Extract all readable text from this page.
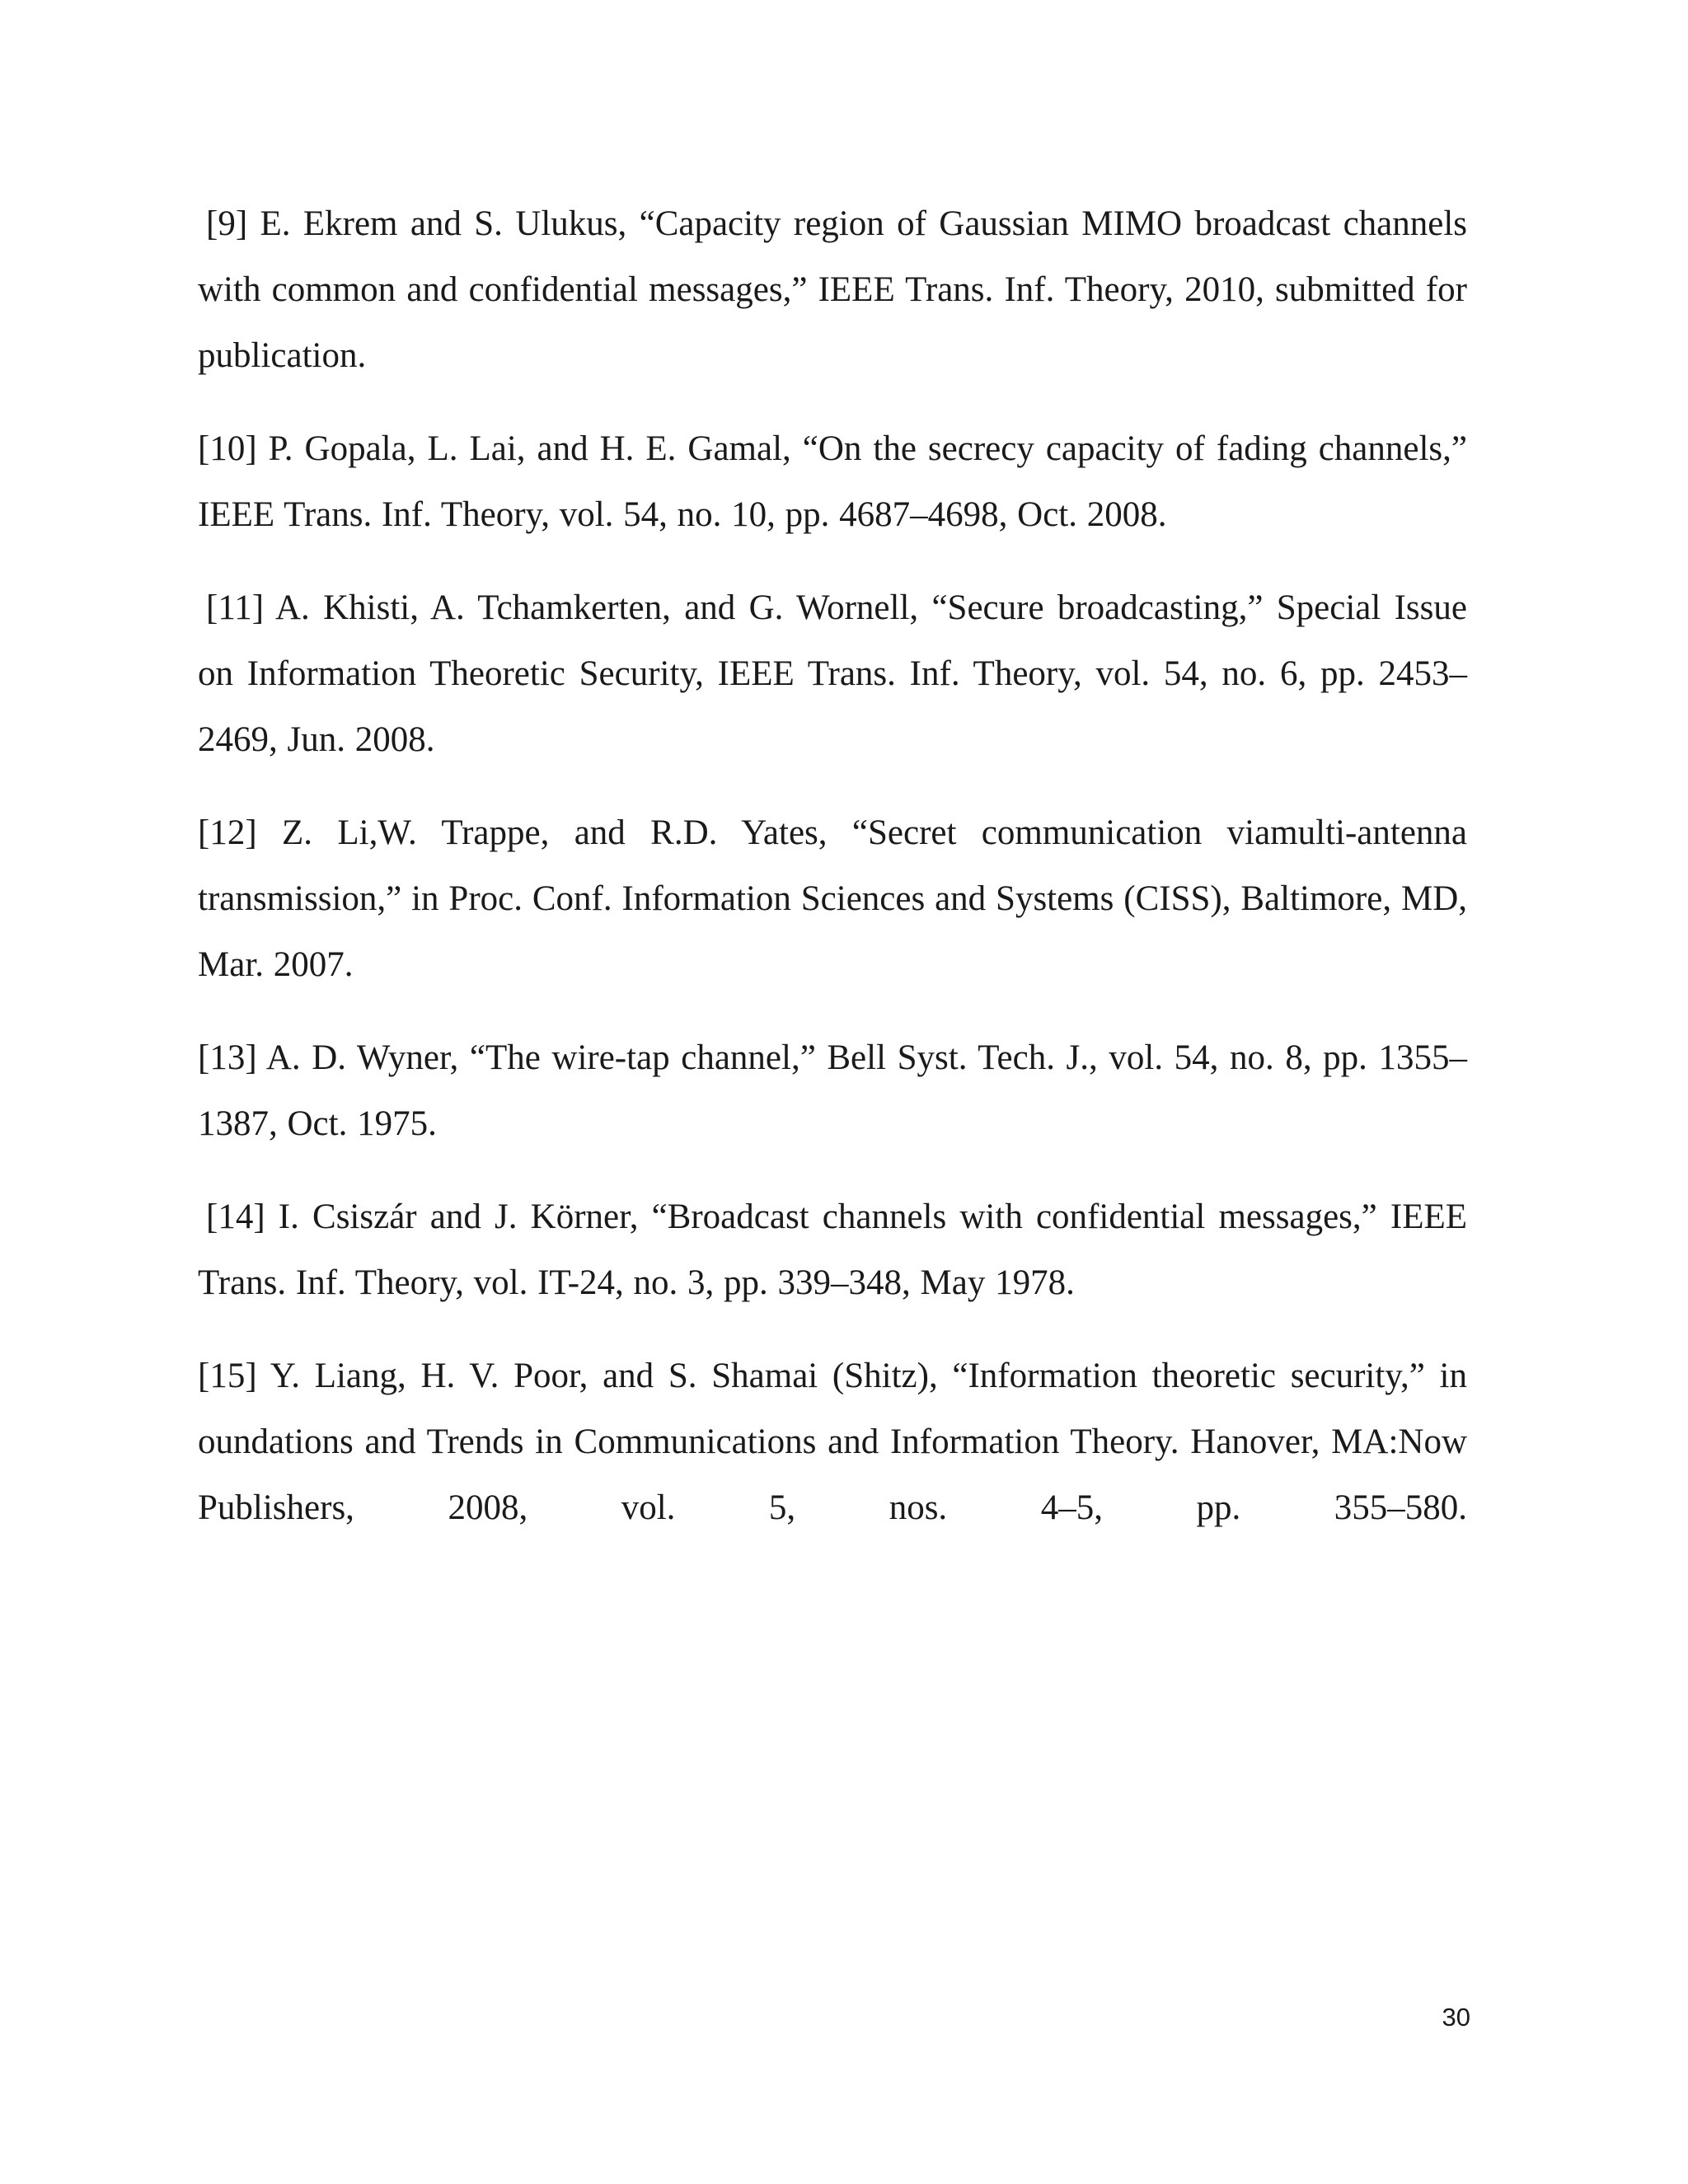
[9] E. Ekrem and S. Ulukus, “Capacity region of Gaussian MIMO broadcast channels with common and confidential messages,” IEEE Trans. Inf. Theory, 2010, submitted for publication.

[10] P. Gopala, L. Lai, and H. E. Gamal, “On the secrecy capacity of fading channels,” IEEE Trans. Inf. Theory, vol. 54, no. 10, pp. 4687–4698, Oct. 2008.

[11] A. Khisti, A. Tchamkerten, and G. Wornell, “Secure broadcasting,” Special Issue on Information Theoretic Security, IEEE Trans. Inf. Theory, vol. 54, no. 6, pp. 2453–2469, Jun. 2008.

[12] Z. Li,W. Trappe, and R.D. Yates, “Secret communication viamulti-antenna transmission,” in Proc. Conf. Information Sciences and Systems (CISS), Baltimore, MD, Mar. 2007.

[13] A. D. Wyner, “The wire-tap channel,” Bell Syst. Tech. J., vol. 54, no. 8, pp. 1355–1387, Oct. 1975.

[14] I. Csiszár and J. Körner, “Broadcast channels with confidential messages,” IEEE Trans. Inf. Theory, vol. IT-24, no. 3, pp. 339–348, May 1978.

[15] Y. Liang, H. V. Poor, and S. Shamai (Shitz), “Information theoretic security,” in oundations and Trends in Communications and Information Theory. Hanover, MA:Now Publishers, 2008, vol. 5, nos. 4–5, pp. 355–580.

30
